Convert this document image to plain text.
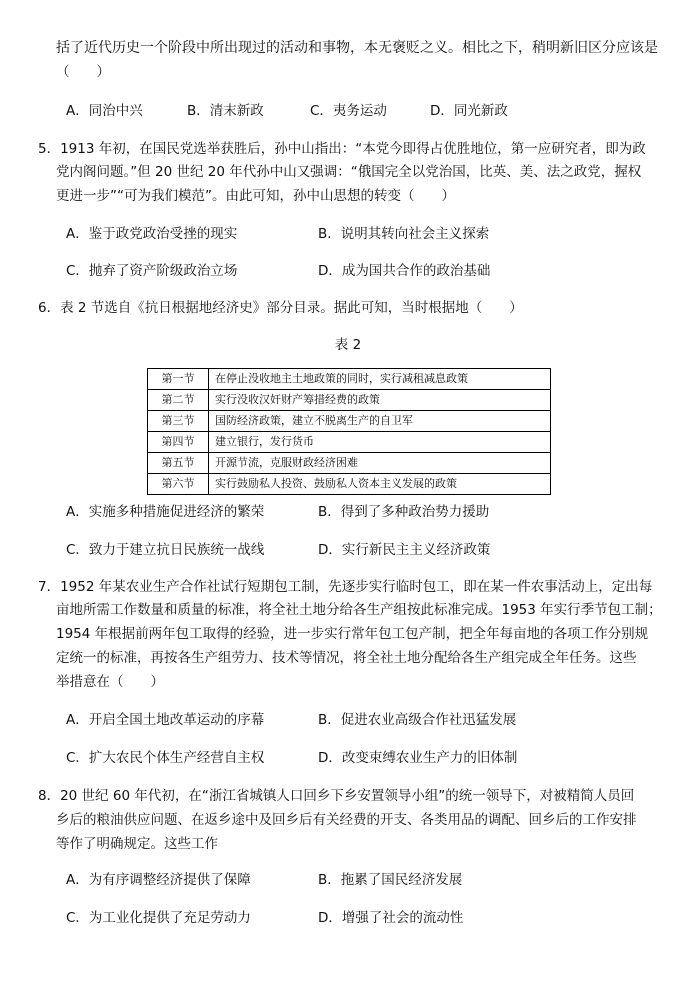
括了近代历史一个阶段中所出现过的活动和事物，本无褒贬之义。相比之下，稍明新旧区分应该是
（　　）
A．同治中兴	B．清末新政	C．夷务运动	D．同光新政
5．1913 年初，在国民党选举获胜后，孙中山指出：“本党今即得占优胜地位，第一应研究者，即为政
党内阁问题。”但 20 世纪 20 年代孙中山又强调：“俄国完全以党治国，比英、美、法之政党，握权
更进一步”“可为我们模范”。由此可知，孙中山思想的转变（　　）
A．鉴于政党政治受挫的现实	B．说明其转向社会主义探索
C．抛弃了资产阶级政治立场	D．成为国共合作的政治基础
6．表 2 节选自《抗日根据地经济史》部分目录。据此可知，当时根据地（　　）
表 2
第一节	在停止没收地主土地政策的同时，实行减租减息政策
第二节	实行没收汉奸财产筹措经费的政策
第三节	国防经济政策，建立不脱离生产的自卫军
第四节	建立银行，发行货币
第五节	开源节流，克服财政经济困难
第六节	实行鼓励私人投资、鼓励私人资本主义发展的政策
A．实施多种措施促进经济的繁荣	B．得到了多种政治势力援助
C．致力于建立抗日民族统一战线	D．实行新民主主义经济政策
7．1952 年某农业生产合作社试行短期包工制，先逐步实行临时包工，即在某一件农事活动上，定出每
亩地所需工作数量和质量的标准，将全社土地分给各生产组按此标准完成。1953 年实行季节包工制；
1954 年根据前两年包工取得的经验，进一步实行常年包工包产制，把全年每亩地的各项工作分别规
定统一的标准，再按各生产组劳力、技术等情况，将全社土地分配给各生产组完成全年任务。这些
举措意在（　　）
A．开启全国土地改革运动的序幕	B．促进农业高级合作社迅猛发展
C．扩大农民个体生产经营自主权	D．改变束缚农业生产力的旧体制
8．20 世纪 60 年代初，在“浙江省城镇人口回乡下乡安置领导小组”的统一领导下，对被精简人员回
乡后的粮油供应问题、在返乡途中及回乡后有关经费的开支、各类用品的调配、回乡后的工作安排
等作了明确规定。这些工作
A．为有序调整经济提供了保障	B．拖累了国民经济发展
C．为工业化提供了充足劳动力	D．增强了社会的流动性
